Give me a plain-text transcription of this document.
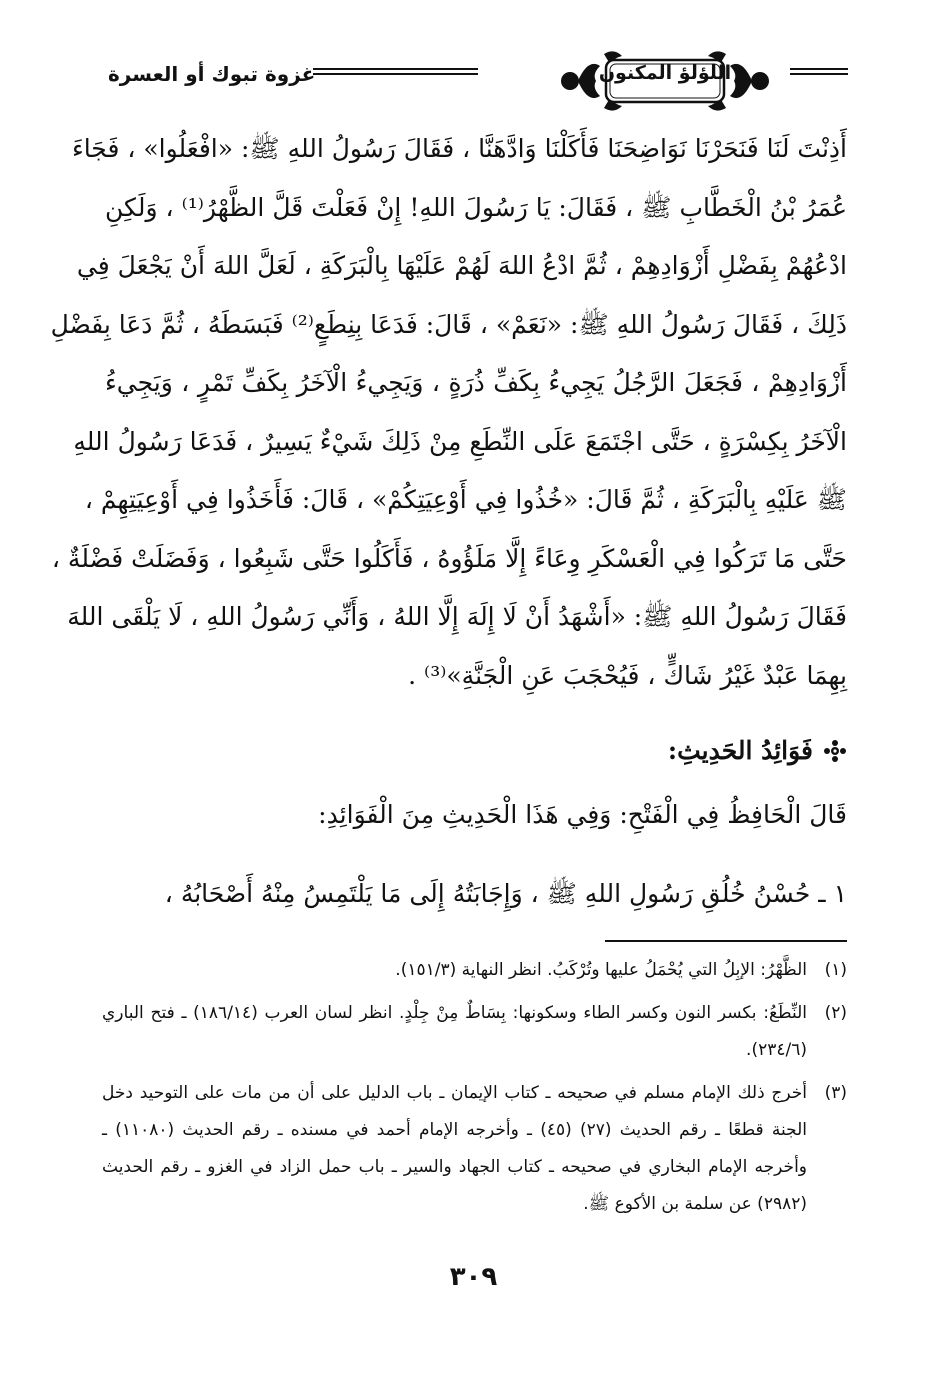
اللؤلؤ المكنون
غزوة تبوك أو العسرة

أَذِنْتَ لَنَا فَنَحَرْنَا نَوَاضِحَنَا فَأَكَلْنَا وَادَّهَنَّا ، فَقَالَ رَسُولُ اللهِ ﷺ: «افْعَلُوا» ، فَجَاءَ

عُمَرُ بْنُ الْخَطَّابِ ﷺ ، فَقَالَ: يَا رَسُولَ اللهِ! إِنْ فَعَلْتَ قَلَّ الظَّهْرُ⁽¹⁾ ، وَلَكِنِ

ادْعُهُمْ بِفَضْلِ أَزْوَادِهِمْ ، ثُمَّ ادْعُ اللهَ لَهُمْ عَلَيْهَا بِالْبَرَكَةِ ، لَعَلَّ اللهَ أَنْ يَجْعَلَ فِي

ذَلِكَ ، فَقَالَ رَسُولُ اللهِ ﷺ: «نَعَمْ» ، قَالَ: فَدَعَا بِنِطَعٍ⁽²⁾ فَبَسَطَهُ ، ثُمَّ دَعَا بِفَضْلِ

أَزْوَادِهِمْ ، فَجَعَلَ الرَّجُلُ يَجِيءُ بِكَفِّ ذُرَةٍ ، وَيَجِيءُ الْآخَرُ بِكَفِّ تَمْرٍ ، وَيَجِيءُ

الْآخَرُ بِكِسْرَةٍ ، حَتَّى اجْتَمَعَ عَلَى النِّطَعِ مِنْ ذَلِكَ شَيْءٌ يَسِيرٌ ، فَدَعَا رَسُولُ اللهِ

ﷺ عَلَيْهِ بِالْبَرَكَةِ ، ثُمَّ قَالَ: «خُذُوا فِي أَوْعِيَتِكُمْ» ، قَالَ: فَأَخَذُوا فِي أَوْعِيَتِهِمْ ،

حَتَّى مَا تَرَكُوا فِي الْعَسْكَرِ وِعَاءً إِلَّا مَلَؤُوهُ ، فَأَكَلُوا حَتَّى شَبِعُوا ، وَفَضَلَتْ فَضْلَةٌ ،

فَقَالَ رَسُولُ اللهِ ﷺ: «أَشْهَدُ أَنْ لَا إِلَهَ إِلَّا اللهُ ، وَأَنِّي رَسُولُ اللهِ ، لَا يَلْقَى اللهَ

بِهِمَا عَبْدٌ غَيْرُ شَاكٍّ ، فَيُحْجَبَ عَنِ الْجَنَّةِ»⁽³⁾ .

فَوَائِدُ الحَدِيثِ:
قَالَ الْحَافِظُ فِي الْفَتْحِ: وَفِي هَذَا الْحَدِيثِ مِنَ الْفَوَائِدِ:
١ ـ حُسْنُ خُلُقِ رَسُولِ اللهِ ﷺ ، وَإِجَابَتُهُ إِلَى مَا يَلْتَمِسُ مِنْهُ أَصْحَابُهُ ،
(١)
الظَّهْرُ: الإبِلُ التي يُحْمَلُ عليها وتُرْكَبُ. انظر النهاية (١٥١/٣).
(٢)
النِّطَعُ: بكسر النون وكسر الطاء وسكونها: بِسَاطٌ مِنْ جِلْدٍ. انظر لسان العرب (١٨٦/١٤) ـ فتح الباري (٢٣٤/٦).
(٣)
أخرج ذلك الإمام مسلم في صحيحه ـ كتاب الإيمان ـ باب الدليل على أن من مات على التوحيد دخل الجنة قطعًا ـ رقم الحديث (٢٧) (٤٥) ـ وأخرجه الإمام أحمد في مسنده ـ رقم الحديث (١١٠٨٠) ـ وأخرجه الإمام البخاري في صحيحه ـ كتاب الجهاد والسير ـ باب حمل الزاد في الغزو ـ رقم الحديث (٢٩٨٢) عن سلمة بن الأكوع ﷺ.
٣٠٩
